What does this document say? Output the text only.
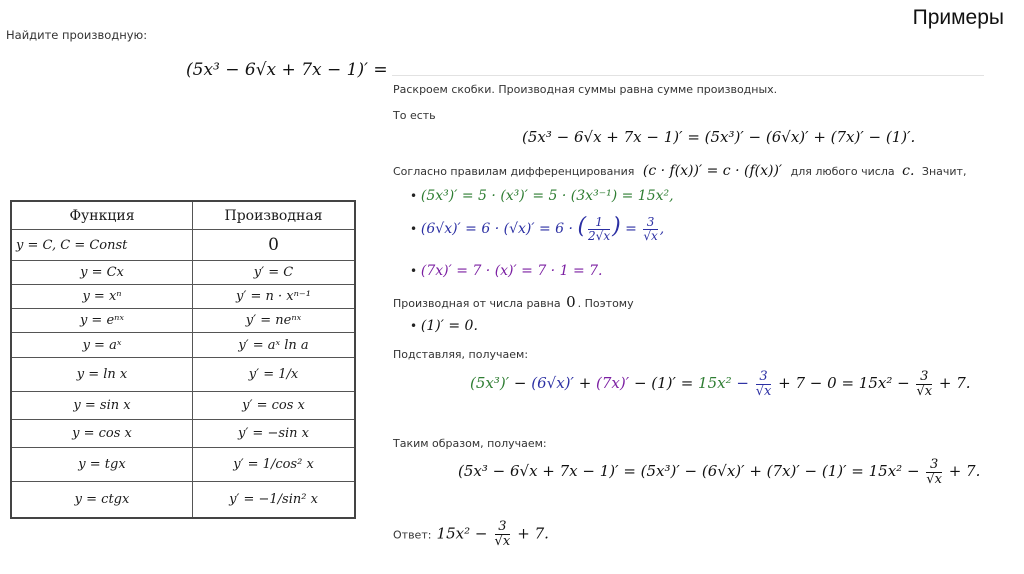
Примеры
Найдите производную:
(5x³ − 6√x + 7x − 1)′ =
Функция	Производная
y = C, C = Const	0
y = Cx	y′ = C
y = xⁿ	y′ = n · xⁿ⁻¹
y = eⁿˣ	y′ = neⁿˣ
y = aˣ	y′ = aˣ ln a
y = ln x	y′ = 1/x
y = sin x	y′ = cos x
y = cos x	y′ = −sin x
y = tgx	y′ = 1/cos² x
y = ctgx	y′ = −1/sin² x
Раскроем скобки. Производная суммы равна сумме производных.
То есть
(5x³ − 6√x + 7x − 1)′ = (5x³)′ − (6√x)′ + (7x)′ − (1)′.
Согласно правилам дифференцирования (c · f(x))′ = c · (f(x))′ для любого числа c. Значит,
• (5x³)′ = 5 · (x³)′ = 5 · (3x³⁻¹) = 15x²,
• (6√x)′ = 6 · (√x)′ = 6 · ( $\frac{1}{2√x}$ ) = $\frac{3}{√x}$ ,
• (7x)′ = 7 · (x)′ = 7 · 1 = 7.
Производная от числа равна 0 . Поэтому
• (1)′ = 0.
Подставляя, получаем:
$(5x^3)' - (6√x)' + (7x)' - (1)' = 15x^2 - \frac{3}{√x} + 7 - 0 = 15x^2 - \frac{3}{√x} + 7$.
Таким образом, получаем:
$(5x^3 - 6√x + 7x - 1)' = (5x^3)' - (6√x)' + (7x)' - (1)' = 15x^2 - \frac{3}{√x} + 7$.
Ответ: $15x^2 - \frac{3}{√x} + 7$.
